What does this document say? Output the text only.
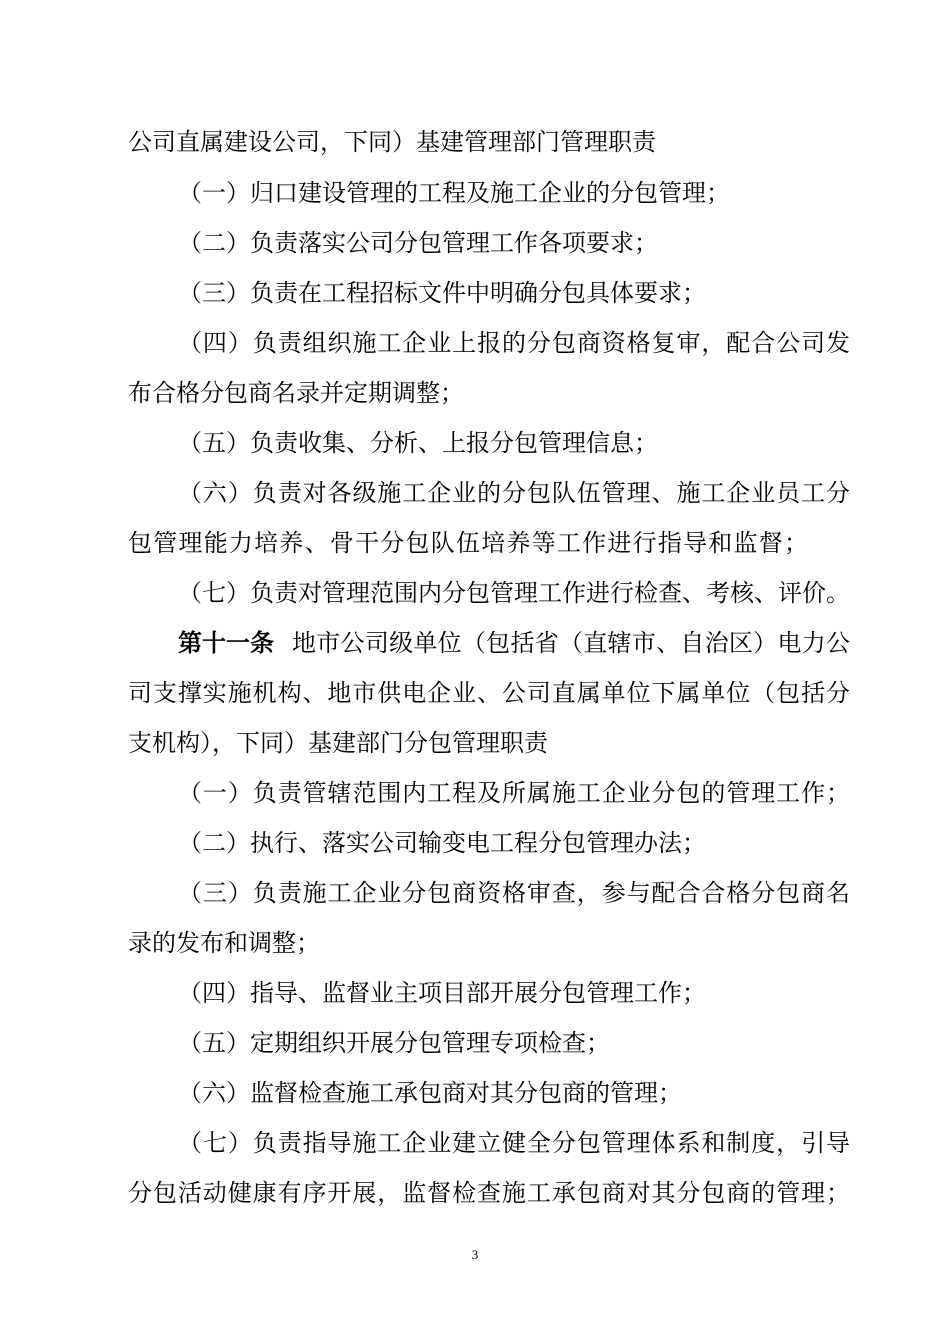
公司直属建设公司，下同）基建管理部门管理职责
（一）归口建设管理的工程及施工企业的分包管理；
（二）负责落实公司分包管理工作各项要求；
（三）负责在工程招标文件中明确分包具体要求；
（四）负责组织施工企业上报的分包商资格复审，配合公司发
布合格分包商名录并定期调整；
（五）负责收集、分析、上报分包管理信息；
（六）负责对各级施工企业的分包队伍管理、施工企业员工分
包管理能力培养、骨干分包队伍培养等工作进行指导和监督；
（七）负责对管理范围内分包管理工作进行检查、考核、评价。
第十一条 地市公司级单位（包括省（直辖市、自治区）电力公
司支撑实施机构、地市供电企业、公司直属单位下属单位（包括分
支机构），下同）基建部门分包管理职责
（一）负责管辖范围内工程及所属施工企业分包的管理工作；
（二）执行、落实公司输变电工程分包管理办法；
（三）负责施工企业分包商资格审查，参与配合合格分包商名
录的发布和调整；
（四）指导、监督业主项目部开展分包管理工作；
（五）定期组织开展分包管理专项检查；
（六）监督检查施工承包商对其分包商的管理；
（七）负责指导施工企业建立健全分包管理体系和制度，引导
分包活动健康有序开展，监督检查施工承包商对其分包商的管理；
3
